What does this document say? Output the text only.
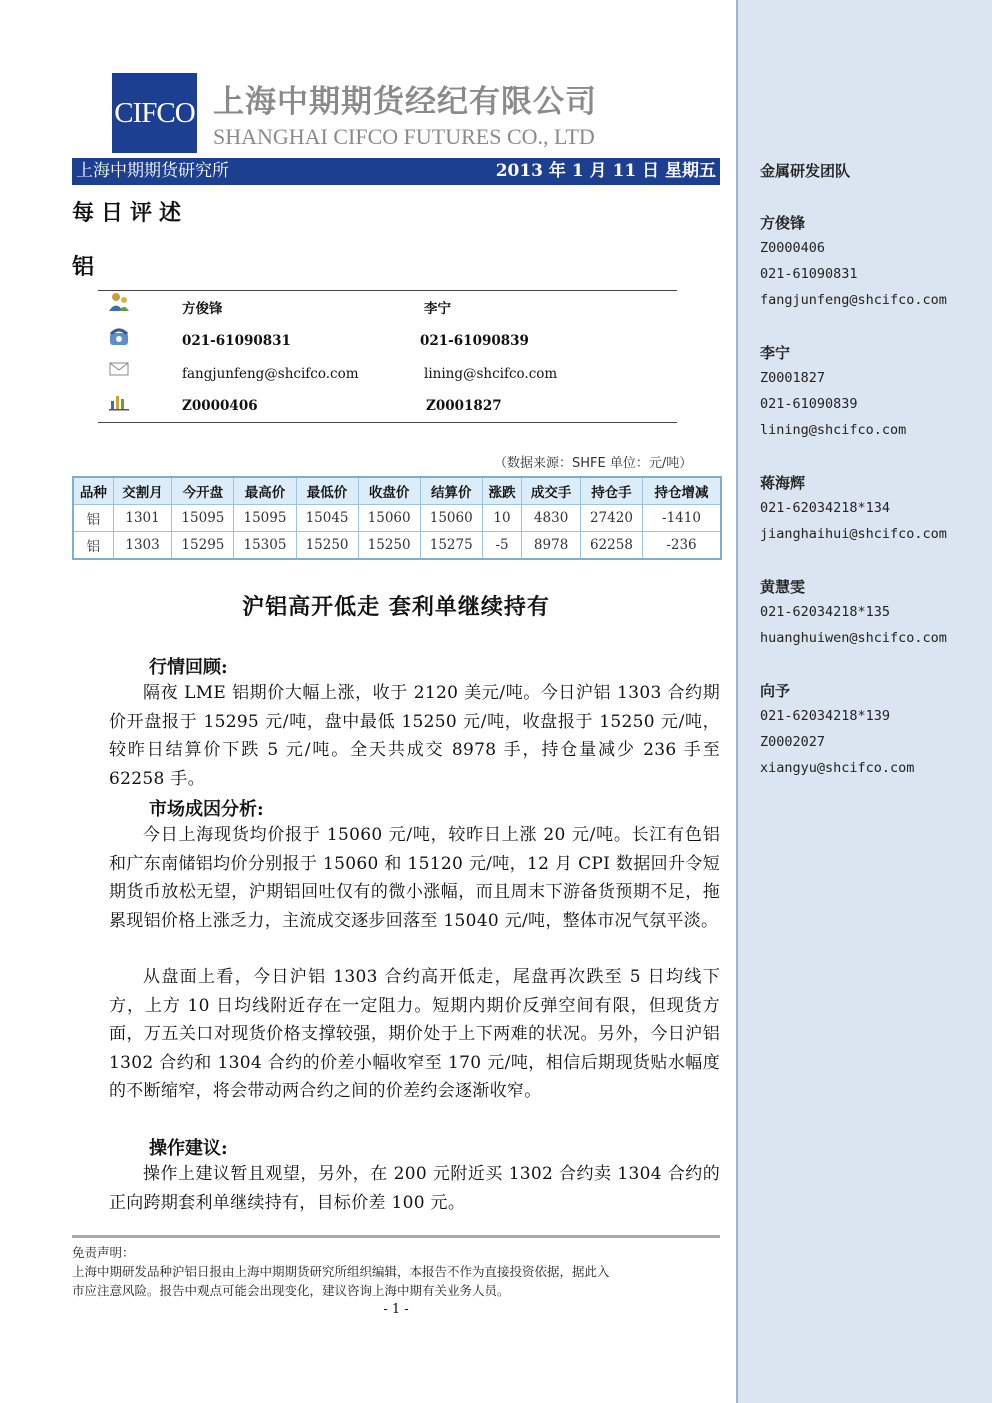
金属研发团队
方俊锋
Z0000406
021-61090831
fangjunfeng@shcifco.com
李宁
Z0001827
021-61090839
lining@shcifco.com
蒋海辉
021-62034218*134
jianghaihui@shcifco.com
黄慧雯
021-62034218*135
huanghuiwen@shcifco.com
向予
021-62034218*139
Z0002027
xiangyu@shcifco.com
CIFCO 上海中期期货经纪有限公司
SHANGHAI CIFCO FUTURES CO., LTD
上海中期期货研究所	2013 年 1 月 11 日 星期五
每日评述
铝
方俊锋	李宁
021-61090831	021-61090839
fangjunfeng@shcifco.com	lining@shcifco.com
Z0000406	Z0001827
（数据来源：SHFE 单位：元/吨）
品种	交割月	今开盘	最高价	最低价	收盘价	结算价	涨跌	成交手	持仓手	持仓增减
铝	1301	15095	15095	15045	15060	15060	10	4830	27420	-1410
铝	1303	15295	15305	15250	15250	15275	-5	8978	62258	-236
沪铝高开低走 套利单继续持有
行情回顾:

隔夜 LME 铝期价大幅上涨，收于 2120 美元/吨。今日沪铝 1303 合约期价开盘报于 15295 元/吨，盘中最低 15250 元/吨，收盘报于 15250 元/吨，较昨日结算价下跌 5 元/吨。全天共成交 8978 手，持仓量减少 236 手至 62258 手。

市场成因分析:

今日上海现货均价报于 15060 元/吨，较昨日上涨 20 元/吨。长江有色铝和广东南储铝均价分别报于 15060 和 15120 元/吨，12 月 CPI 数据回升令短期货币放松无望，沪期铝回吐仅有的微小涨幅，而且周末下游备货预期不足，拖累现铝价格上涨乏力，主流成交逐步回落至 15040 元/吨，整体市况气氛平淡。

从盘面上看，今日沪铝 1303 合约高开低走，尾盘再次跌至 5 日均线下方，上方 10 日均线附近存在一定阻力。短期内期价反弹空间有限，但现货方面，万五关口对现货价格支撑较强，期价处于上下两难的状况。另外，今日沪铝 1302 合约和 1304 合约的价差小幅收窄至 170 元/吨，相信后期现货贴水幅度的不断缩窄，将会带动两合约之间的价差约会逐渐收窄。

操作建议:

操作上建议暂且观望，另外，在 200 元附近买 1302 合约卖 1304 合约的正向跨期套利单继续持有，目标价差 100 元。

免责声明：
上海中期研发品种沪铝日报由上海中期期货研究所组织编辑，本报告不作为直接投资依据，据此入
市应注意风险。报告中观点可能会出现变化，建议咨询上海中期有关业务人员。
- 1 -
